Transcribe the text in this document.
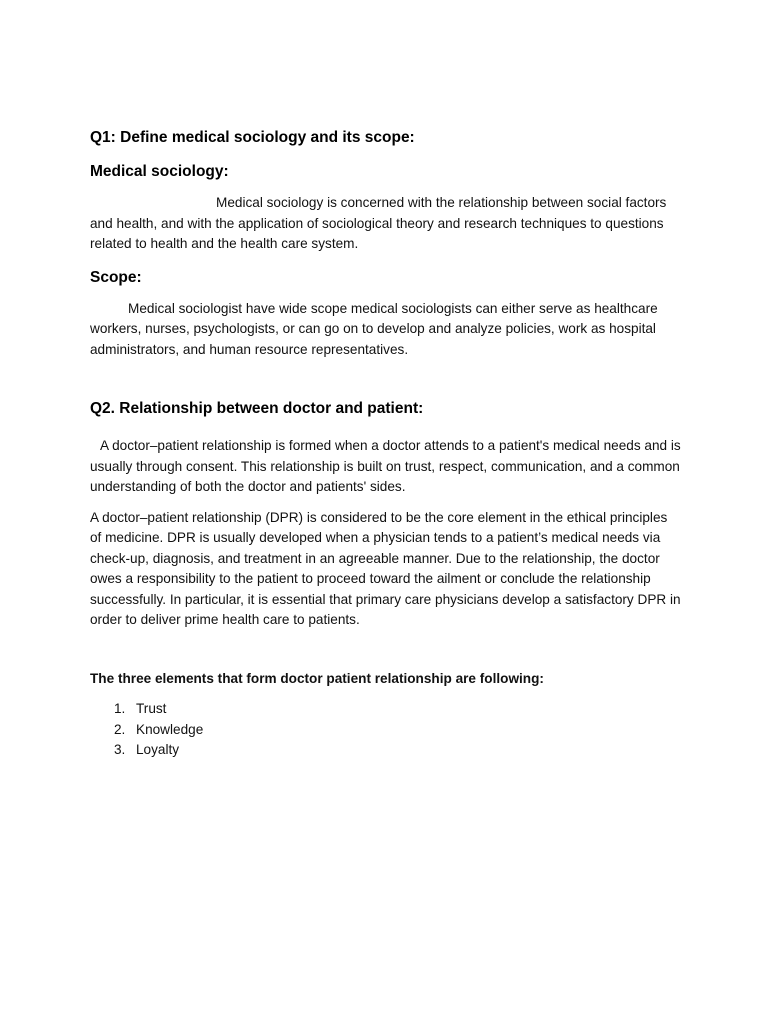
Q1: Define medical sociology and its scope:
Medical sociology:

Medical sociology is concerned with the relationship between social factors and health, and with the application of sociological theory and research techniques to questions related to health and the health care system.

Scope:

Medical sociologist have wide scope medical sociologists can either serve as healthcare workers, nurses, psychologists, or can go on to develop and analyze policies, work as hospital administrators, and human resource representatives.

Q2. Relationship between doctor and patient:

A doctor–patient relationship is formed when a doctor attends to a patient's medical needs and is usually through consent. This relationship is built on trust, respect, communication, and a common understanding of both the doctor and patients' sides.

A doctor–patient relationship (DPR) is considered to be the core element in the ethical principles of medicine. DPR is usually developed when a physician tends to a patient’s medical needs via check-up, diagnosis, and treatment in an agreeable manner. Due to the relationship, the doctor owes a responsibility to the patient to proceed toward the ailment or conclude the relationship successfully. In particular, it is essential that primary care physicians develop a satisfactory DPR in order to deliver prime health care to patients.

The three elements that form doctor patient relationship are following:

1. Trust
2. Knowledge
3. Loyalty
